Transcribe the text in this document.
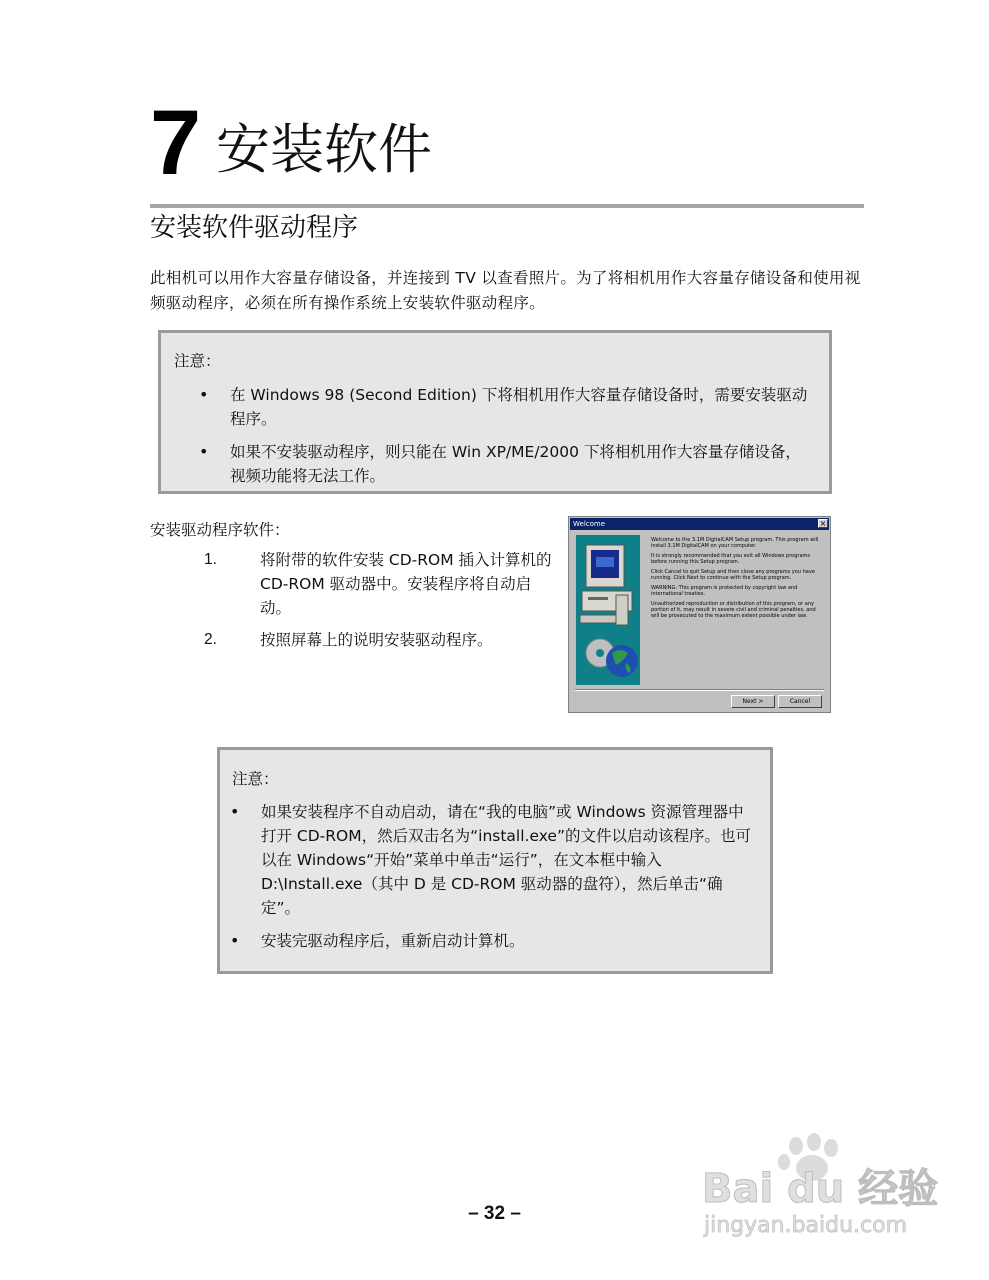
7 安装软件
安装软件驱动程序
此相机可以用作大容量存储设备，并连接到 TV 以查看照片。为了将相机用作大容量存储设备和使用视频驱动程序，必须在所有操作系统上安装软件驱动程序。
注意：
• 在 Windows 98 (Second Edition) 下将相机用作大容量存储设备时，需要安装驱动程序。
• 如果不安装驱动程序，则只能在 Win XP/ME/2000 下将相机用作大容量存储设备，视频功能将无法工作。
安装驱动程序软件：
1.	将附带的软件安装 CD-ROM 插入计算机的 CD-ROM 驱动器中。安装程序将自动启动。
2.	按照屏幕上的说明安装驱动程序。
Welcome	×

Welcome to the 3.1M DigitalCAM Setup program. This program will install 3.1M DigitalCAM on your computer.

It is strongly recommended that you exit all Windows programs before running this Setup program.

Click Cancel to quit Setup and then close any programs you have running. Click Next to continue with the Setup program.

WARNING: This program is protected by copyright law and international treaties.

Unauthorized reproduction or distribution of this program, or any portion of it, may result in severe civil and criminal penalties, and will be prosecuted to the maximum extent possible under law.

Next >	Cancel
注意：
• 如果安装程序不自动启动，请在“我的电脑”或 Windows 资源管理器中打开 CD-ROM，然后双击名为“install.exe”的文件以启动该程序。也可以在 Windows“开始”菜单中单击“运行”，在文本框中输入 D:\Install.exe（其中 D 是 CD-ROM 驱动器的盘符），然后单击“确定”。
• 安装完驱动程序后，重新启动计算机。
– 32 –
Bai du 经验
jingyan.baidu.com
